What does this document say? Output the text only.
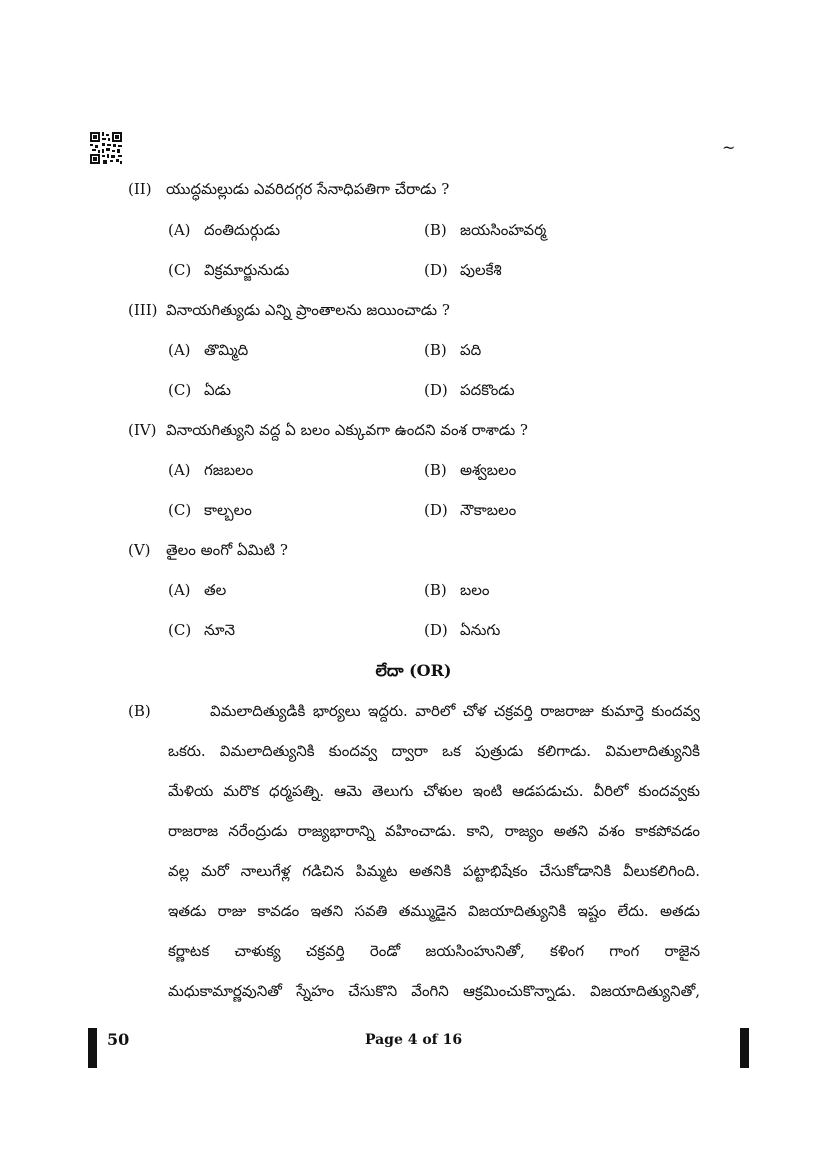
~
(II) యుద్ధమల్లుడు ఎవరిదగ్గర సేనాధిపతిగా చేరాడు ?
(A) దంతిదుర్గుడు	(B) జయసింహవర్మ
(C) విక్రమార్జునుడు	(D) పులకేశి
(III) వినాయగిత్యుడు ఎన్ని ప్రాంతాలను జయించాడు ?
(A) తొమ్మిది	(B) పది
(C) ఏడు	(D) పదకొండు
(IV) వినాయగిత్యుని వద్ద ఏ బలం ఎక్కువగా ఉందని వంశ రాశాడు ?
(A) గజబలం	(B) అశ్వబలం
(C) కాల్బలం	(D) నౌకాబలం
(V) తైలం అంగో ఏమిటి ?
(A) తల	(B) బలం
(C) నూనె	(D) ఏనుగు
లేదా (OR)
(B)	విమలాదిత్యుడికి భార్యలు ఇద్దరు. వారిలో చోళ చక్రవర్తి రాజరాజు కుమార్తె కుందవ్వ
ఒకరు. విమలాదిత్యునికి కుందవ్వ ద్వారా ఒక పుత్రుడు కలిగాడు. విమలాదిత్యునికి
మేళియ మరొక ధర్మపత్ని. ఆమె తెలుగు చోళుల ఇంటి ఆడపడుచు. వీరిలో కుందవ్వకు
రాజరాజ నరేంద్రుడు రాజ్యభారాన్ని వహించాడు. కాని, రాజ్యం అతని వశం కాకపోవడం
వల్ల మరో నాలుగేళ్ల గడిచిన పిమ్మట అతనికి పట్టాభిషేకం చేసుకోడానికి వీలుకలిగింది.
ఇతడు రాజు కావడం ఇతని సవతి తమ్ముడైన విజయాదిత్యునికి ఇష్టం లేదు. అతడు
కర్ణాటక చాళుక్య చక్రవర్తి రెండో జయసింహునితో, కళింగ గాంగ రాజైన
మధుకామార్ణవునితో స్నేహం చేసుకొని వేంగిని ఆక్రమించుకొన్నాడు. విజయాదిత్యునితో,
50	Page 4 of 16
